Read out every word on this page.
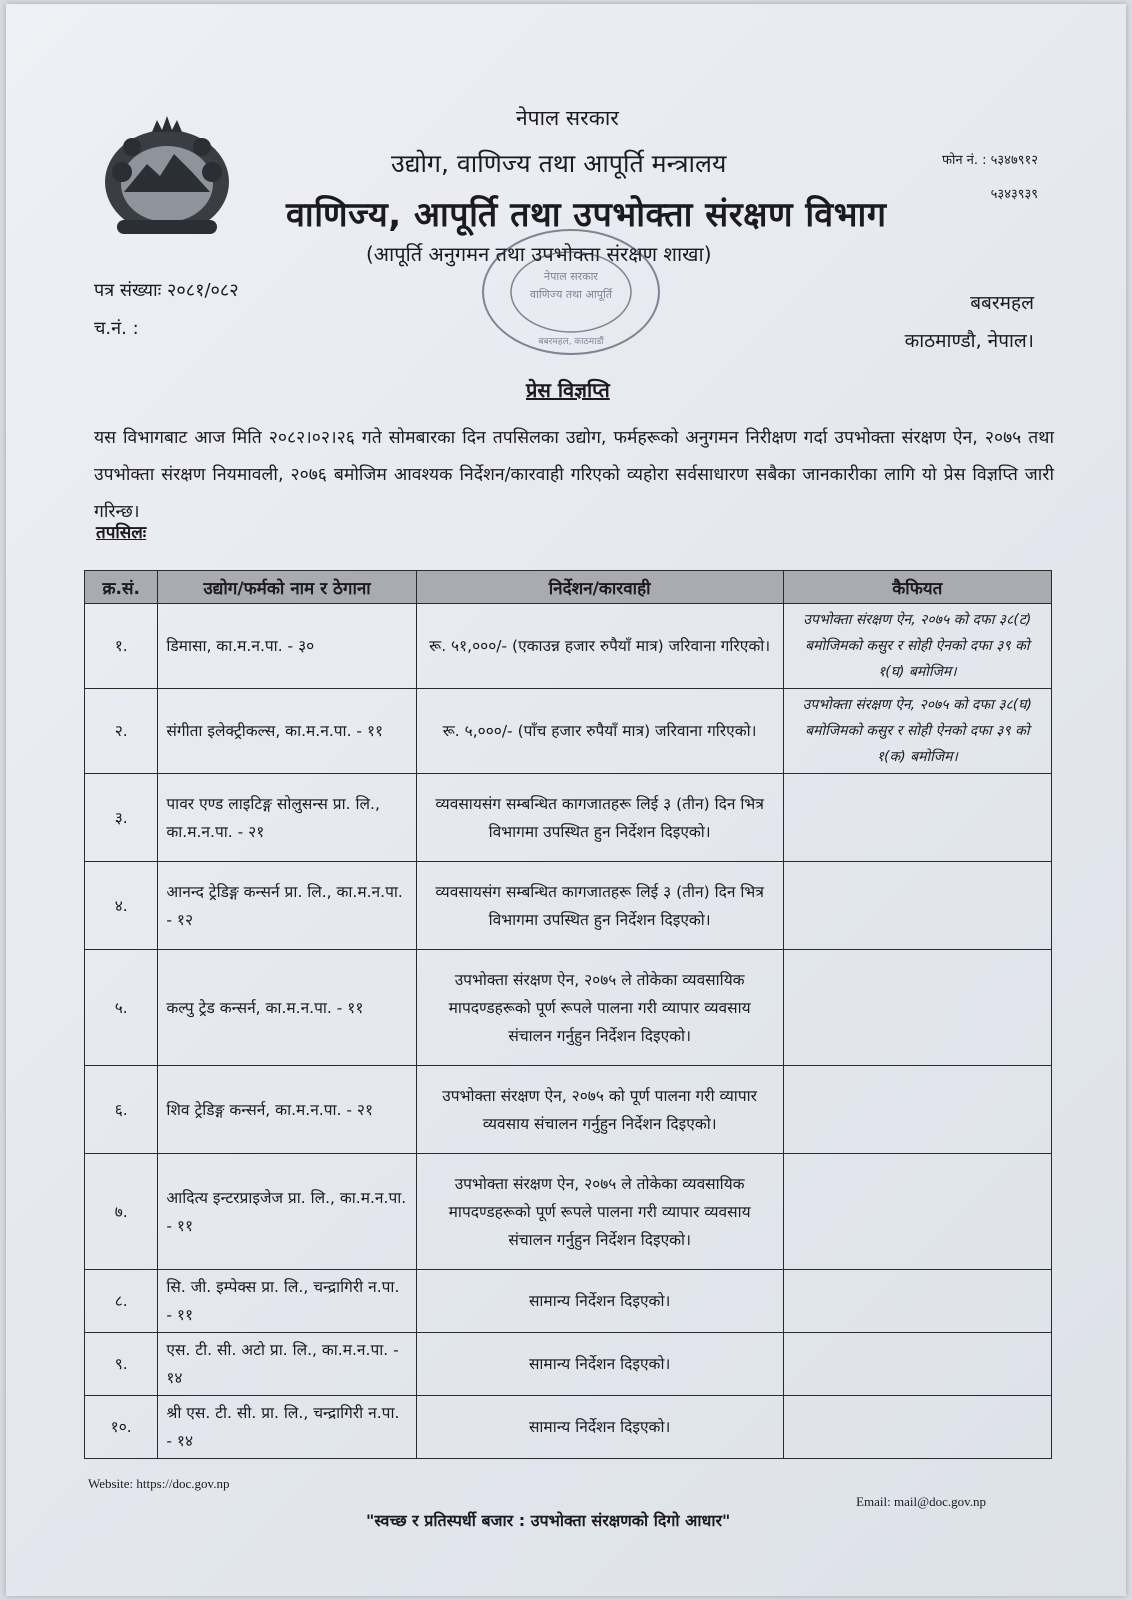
नेपाल सरकार
उद्योग, वाणिज्य तथा आपूर्ति मन्त्रालय
वाणिज्य, आपूर्ति तथा उपभोक्ता संरक्षण विभाग
(आपूर्ति अनुगमन तथा उपभोक्ता संरक्षण शाखा)
फोन नं. : ५३४७९१२
५३४३९३९
पत्र संख्याः २०८१/०८२
च.नं. :
नेपाल सरकार
वाणिज्य तथा आपूर्ति
बबरमहल, काठमाडौं
बबरमहल
काठमाण्डौ, नेपाल।
प्रेस विज्ञप्ति
यस विभागबाट आज मिति २०८२।०२।२६ गते सोमबारका दिन तपसिलका उद्योग, फर्महरूको अनुगमन निरीक्षण गर्दा उपभोक्ता संरक्षण ऐन, २०७५ तथा उपभोक्ता संरक्षण नियमावली, २०७६ बमोजिम आवश्यक निर्देशन/कारवाही गरिएको व्यहोरा सर्वसाधारण सबैका जानकारीका लागि यो प्रेस विज्ञप्ति जारी गरिन्छ।
तपसिलः
क्र.सं.	उद्योग/फर्मको नाम र ठेगाना	निर्देशन/कारवाही	कैफियत
१.	डिमासा, का.म.न.पा. - ३०	रू. ५१,०००/- (एकाउन्न हजार रुपैयाँ मात्र) जरिवाना गरिएको।	उपभोक्ता संरक्षण ऐन, २०७५ को दफा ३८(ट) बमोजिमको कसुर र सोही ऐनको दफा ३९ को १(घ) बमोजिम।
२.	संगीता इलेक्ट्रीकल्स, का.म.न.पा. - ११	रू. ५,०००/- (पाँच हजार रुपैयाँ मात्र) जरिवाना गरिएको।	उपभोक्ता संरक्षण ऐन, २०७५ को दफा ३८(घ) बमोजिमको कसुर र सोही ऐनको दफा ३९ को १(क) बमोजिम।
३.	पावर एण्ड लाइटिङ्ग सोलुसन्स प्रा. लि., का.म.न.पा. - २१	व्यवसायसंग सम्बन्धित कागजातहरू लिई ३ (तीन) दिन भित्र विभागमा उपस्थित हुन निर्देशन दिइएको।	
४.	आनन्द ट्रेडिङ्ग कन्सर्न प्रा. लि., का.म.न.पा. - १२	व्यवसायसंग सम्बन्धित कागजातहरू लिई ३ (तीन) दिन भित्र विभागमा उपस्थित हुन निर्देशन दिइएको।	
५.	कल्पु ट्रेड कन्सर्न, का.म.न.पा. - ११	उपभोक्ता संरक्षण ऐन, २०७५ ले तोकेका व्यवसायिक मापदण्डहरूको पूर्ण रूपले पालना गरी व्यापार व्यवसाय संचालन गर्नुहुन निर्देशन दिइएको।	
६.	शिव ट्रेडिङ्ग कन्सर्न, का.म.न.पा. - २१	उपभोक्ता संरक्षण ऐन, २०७५ को पूर्ण पालना गरी व्यापार व्यवसाय संचालन गर्नुहुन निर्देशन दिइएको।	
७.	आदित्य इन्टरप्राइजेज प्रा. लि., का.म.न.पा. - ११	उपभोक्ता संरक्षण ऐन, २०७५ ले तोकेका व्यवसायिक मापदण्डहरूको पूर्ण रूपले पालना गरी व्यापार व्यवसाय संचालन गर्नुहुन निर्देशन दिइएको।	
८.	सि. जी. इम्पेक्स प्रा. लि., चन्द्रागिरी न.पा. - ११	सामान्य निर्देशन दिइएको।	
९.	एस. टी. सी. अटो प्रा. लि., का.म.न.पा. - १४	सामान्य निर्देशन दिइएको।	
१०.	श्री एस. टी. सी. प्रा. लि., चन्द्रागिरी न.पा. - १४	सामान्य निर्देशन दिइएको।	
Website: https://doc.gov.np
Email: mail@doc.gov.np
"स्वच्छ र प्रतिस्पर्धी बजार : उपभोक्ता संरक्षणको दिगो आधार"
